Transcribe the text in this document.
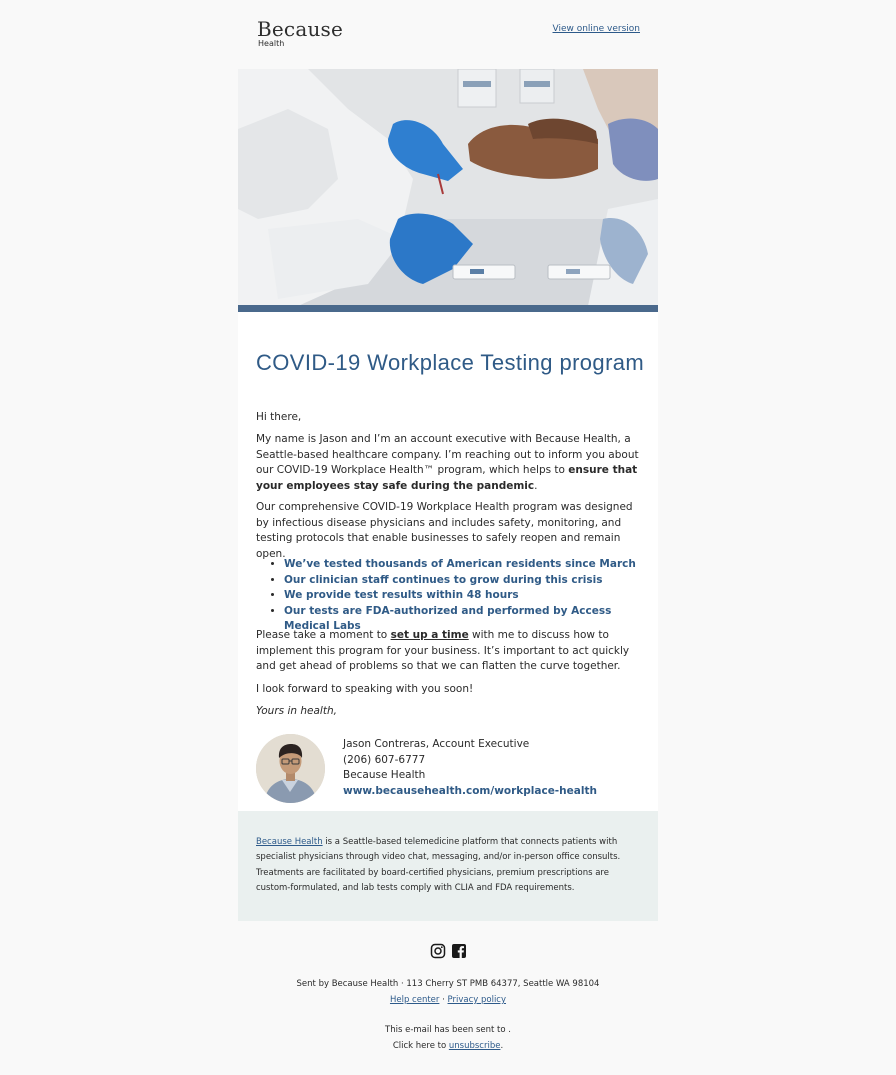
Because
Health
View online version
COVID-19 Workplace Testing program

Hi there,

My name is Jason and I’m an account executive with Because Health, a Seattle-based healthcare company. I’m reaching out to inform you about our COVID-19 Workplace Health™ program, which helps to ensure that your employees stay safe during the pandemic.

Our comprehensive COVID-19 Workplace Health program was designed by infectious disease physicians and includes safety, monitoring, and testing protocols that enable businesses to safely reopen and remain open.

• We’ve tested thousands of American residents since March
• Our clinician staff continues to grow during this crisis
• We provide test results within 48 hours
• Our tests are FDA-authorized and performed by Access Medical Labs

Please take a moment to set up a time with me to discuss how to implement this program for your business. It’s important to act quickly and get ahead of problems so that we can flatten the curve together.

I look forward to speaking with you soon!

Yours in health,

Jason Contreras, Account Executive
(206) 607-6777
Because Health
www.becausehealth.com/workplace-health

Because Health is a Seattle-based telemedicine platform that connects patients with specialist physicians through video chat, messaging, and/or in-person office consults. Treatments are facilitated by board-certified physicians, premium prescriptions are custom-formulated, and lab tests comply with CLIA and FDA requirements.

Sent by Because Health · 113 Cherry ST PMB 64377, Seattle WA 98104
Help center · Privacy policy
This e-mail has been sent to .
Click here to unsubscribe.
